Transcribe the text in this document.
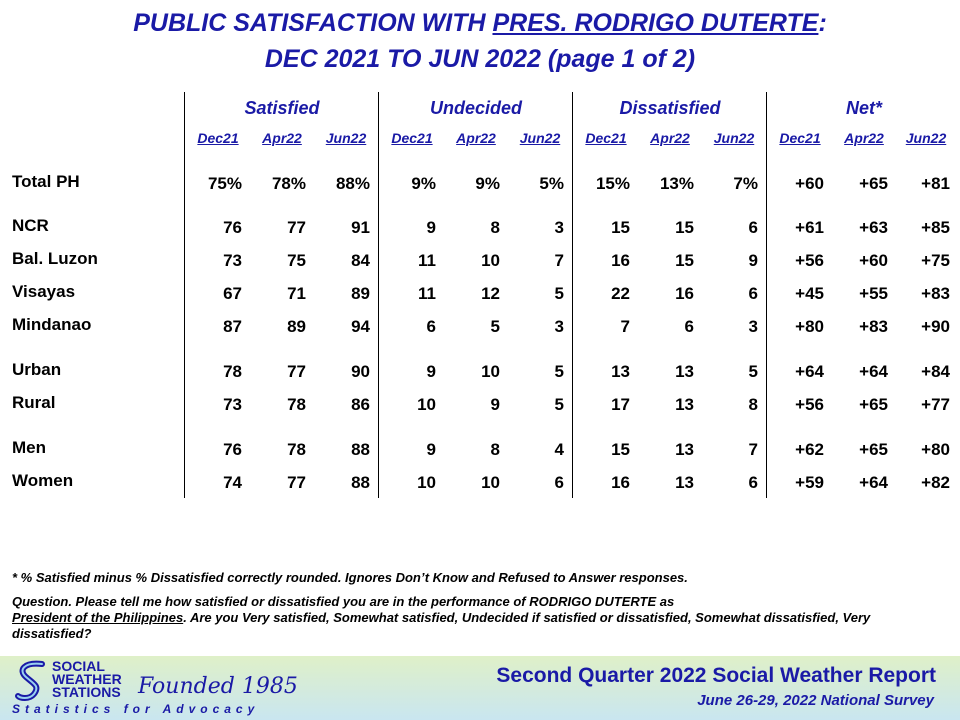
PUBLIC SATISFACTION WITH PRES. RODRIGO DUTERTE:
DEC 2021 TO JUN 2022 (page 1 of 2)
Satisfied	Undecided	Dissatisfied	Net*
Dec21	Apr22	Jun22	Dec21	Apr22	Jun22	Dec21	Apr22	Jun22	Dec21	Apr22	Jun22
Total PH	75%	78%	88%	9%	9%	5%	15%	13%	7%	+60	+65	+81
NCR	76	77	91	9	8	3	15	15	6	+61	+63	+85
Bal. Luzon	73	75	84	11	10	7	16	15	9	+56	+60	+75
Visayas	67	71	89	11	12	5	22	16	6	+45	+55	+83
Mindanao	87	89	94	6	5	3	7	6	3	+80	+83	+90
Urban	78	77	90	9	10	5	13	13	5	+64	+64	+84
Rural	73	78	86	10	9	5	17	13	8	+56	+65	+77
Men	76	78	88	9	8	4	15	13	7	+62	+65	+80
Women	74	77	88	10	10	6	16	13	6	+59	+64	+82
* % Satisfied minus % Dissatisfied correctly rounded. Ignores Don’t Know and Refused to Answer responses.
Question. Please tell me how satisfied or dissatisfied you are in the performance of RODRIGO DUTERTE as
President of the Philippines. Are you Very satisfied, Somewhat satisfied, Undecided if satisfied or dissatisfied, Somewhat dissatisfied, Very dissatisfied?
SOCIAL
WEATHER
STATIONS Founded 1985
Statistics for Advocacy
Second Quarter 2022 Social Weather Report
June 26-29, 2022 National Survey
